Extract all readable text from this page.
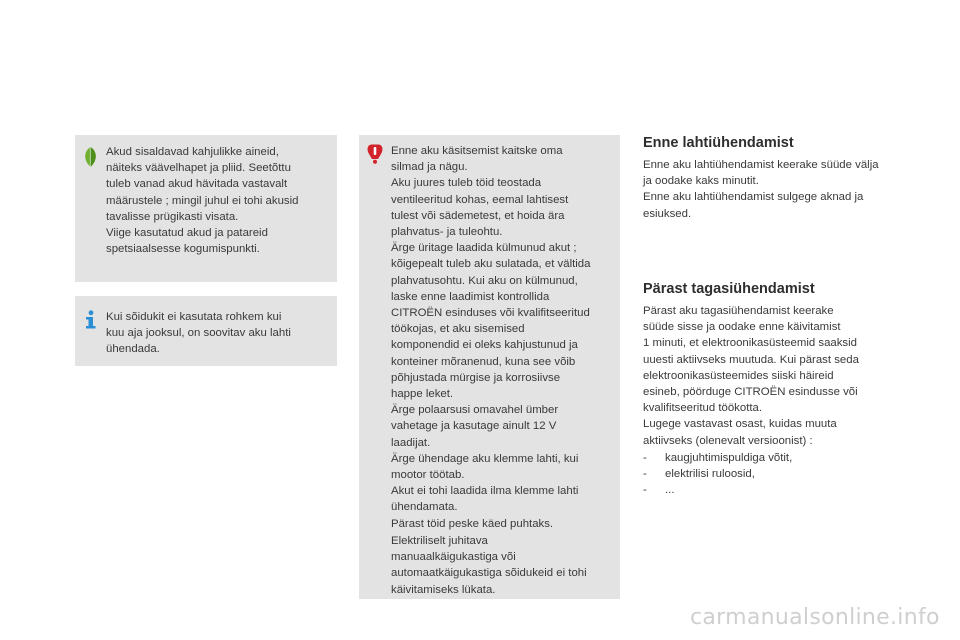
Akud sisaldavad kahjulikke aineid,
näiteks väävelhapet ja pliid. Seetõttu
tuleb vanad akud hävitada vastavalt
määrustele ; mingil juhul ei tohi akusid
tavalisse prügikasti visata.
Viige kasutatud akud ja patareid
spetsiaalsesse kogumispunkti.
Kui sõidukit ei kasutata rohkem kui
kuu aja jooksul, on soovitav aku lahti
ühendada.
Enne aku käsitsemist kaitske oma
silmad ja nägu.
Aku juures tuleb töid teostada
ventileeritud kohas, eemal lahtisest
tulest või sädemetest, et hoida ära
plahvatus- ja tuleohtu.
Ärge üritage laadida külmunud akut ;
kõigepealt tuleb aku sulatada, et vältida
plahvatusohtu. Kui aku on külmunud,
laske enne laadimist kontrollida
CITROËN esinduses või kvalifitseeritud
töökojas, et aku sisemised
komponendid ei oleks kahjustunud ja
konteiner mõranenud, kuna see võib
põhjustada mürgise ja korrosiivse
happe leket.
Ärge polaarsusi omavahel ümber
vahetage ja kasutage ainult 12 V
laadijat.
Ärge ühendage aku klemme lahti, kui
mootor töötab.
Akut ei tohi laadida ilma klemme lahti
ühendamata.
Pärast töid peske käed puhtaks.
Elektriliselt juhitava
manuaalkäigukastiga või
automaatkäigukastiga sõidukeid ei tohi
käivitamiseks lükata.
Enne lahtiühendamist
Enne aku lahtiühendamist keerake süüde välja
ja oodake kaks minutit.
Enne aku lahtiühendamist sulgege aknad ja
esiuksed.
Pärast tagasiühendamist
Pärast aku tagasiühendamist keerake
süüde sisse ja oodake enne käivitamist
1 minuti, et elektroonikasüsteemid saaksid
uuesti aktiivseks muutuda. Kui pärast seda
elektroonikasüsteemides siiski häireid
esineb, pöörduge CITROËN esindusse või
kvalifitseeritud töökotta.
Lugege vastavast osast, kuidas muuta
aktiivseks (olenevalt versioonist) :
- kaugjuhtimispuldiga võtit,
- elektrilisi ruloosid,
- ...
carmanualsonline.info
